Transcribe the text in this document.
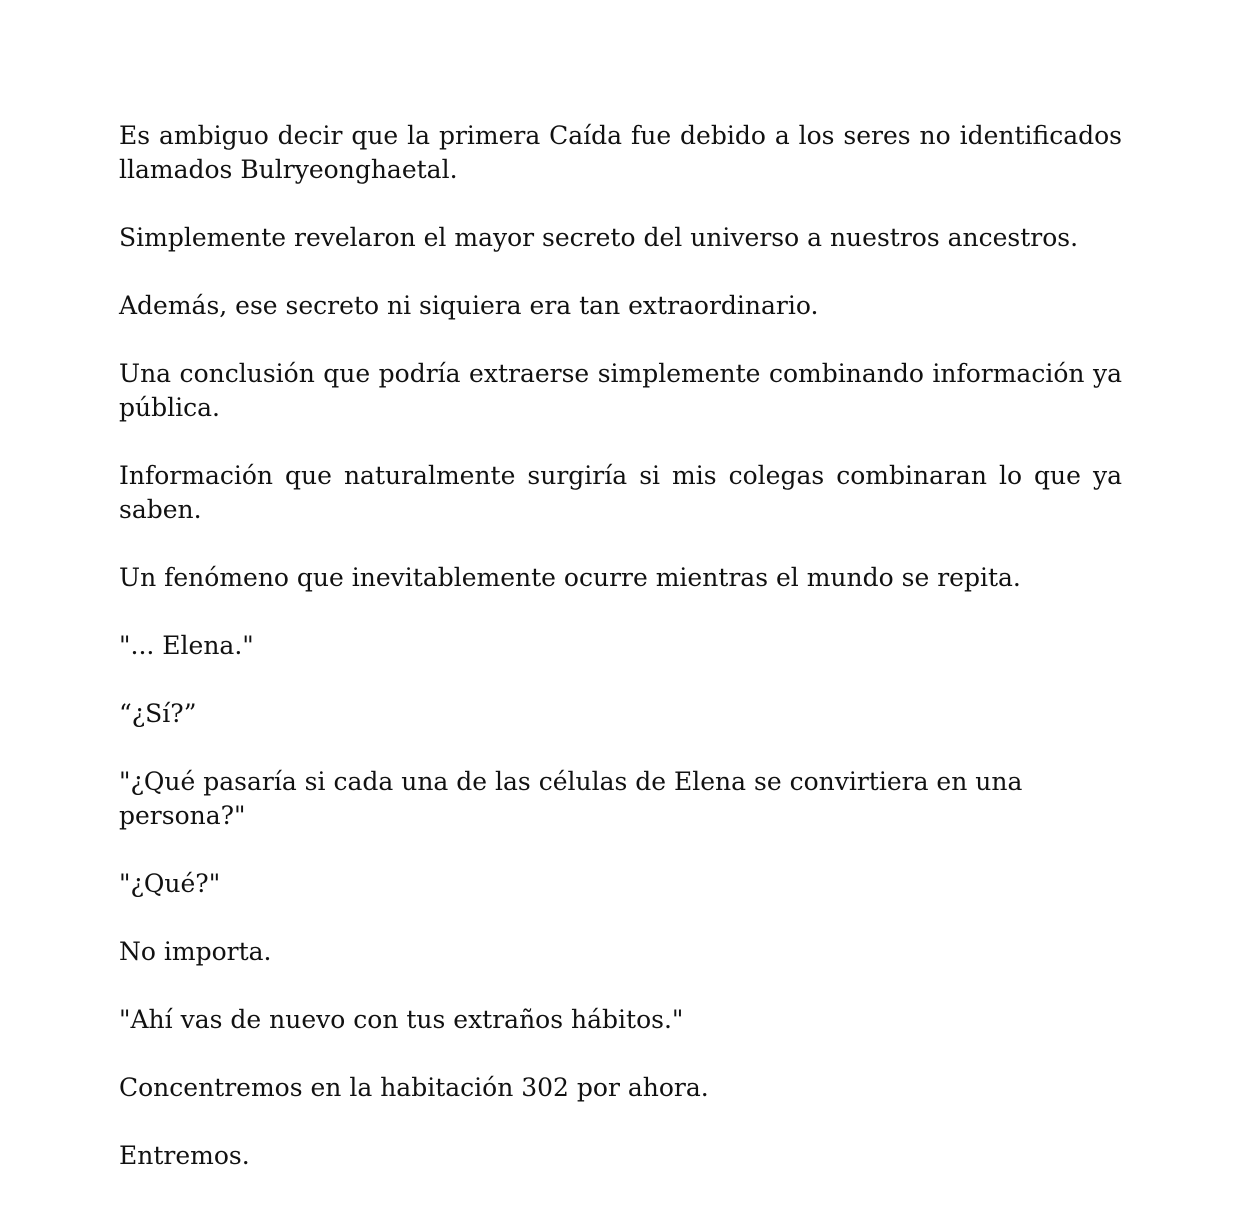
Es ambiguo decir que la primera Caída fue debido a los seres no identificados llamados Bulryeonghaetal.

Simplemente revelaron el mayor secreto del universo a nuestros ancestros.

Además, ese secreto ni siquiera era tan extraordinario.

Una conclusión que podría extraerse simplemente combinando información ya pública.

Información que naturalmente surgiría si mis colegas combinaran lo que ya saben.

Un fenómeno que inevitablemente ocurre mientras el mundo se repita.

"... Elena."

“¿Sí?”

"¿Qué pasaría si cada una de las células de Elena se convirtiera en una persona?"

"¿Qué?"

No importa.

"Ahí vas de nuevo con tus extraños hábitos."

Concentremos en la habitación 302 por ahora.

Entremos.
